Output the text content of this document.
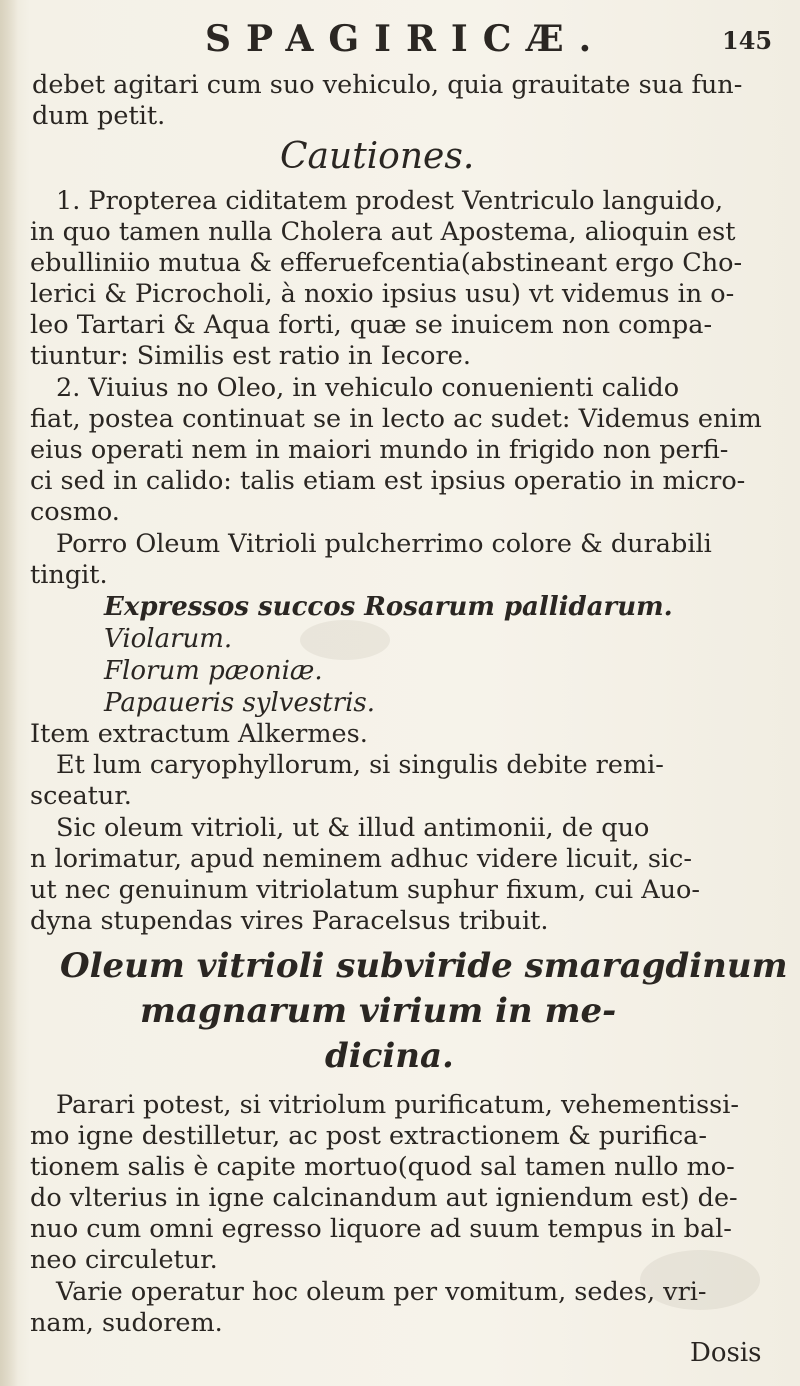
SPAGIRICÆ.	145
debet agitari cum suo vehiculo, quia grauitate sua fun-
dum petit.
Cautiones.
1. Propterea ciditatem prodest Ventriculo languido,
in quo tamen nulla Cholera aut Apostema, alioquin est
ebulliniio mutua & efferuefcentia(abstineant ergo Cho-
lerici & Picrocholi, à noxio ipsius usu) vt videmus in o-
leo Tartari & Aqua forti, quæ se inuicem non compa-
tiuntur: Similis est ratio in Iecore.
2. Viuius no Oleo, in vehiculo conuenienti calido
fiat, postea continuat se in lecto ac sudet: Videmus enim
eius operati nem in maiori mundo in frigido non perfi-
ci sed in calido: talis etiam est ipsius operatio in micro-
cosmo.
Porro Oleum Vitrioli pulcherrimo colore & durabili
tingit.
Expressos succos Rosarum pallidarum.
Violarum.
Florum pæoniæ.
Papaueris sylvestris.
Item extractum Alkermes.
Et lum caryophyllorum, si singulis debite remi-
sceatur.
Sic oleum vitrioli, ut & illud antimonii, de quo
n lorimatur, apud neminem adhuc videre licuit, sic-
ut nec genuinum vitriolatum suphur fixum, cui Auo-
dyna stupendas vires Paracelsus tribuit.
Oleum vitrioli subviride smaragdinum
magnarum virium in me-
dicina.
Parari potest, si vitriolum purificatum, vehementissi-
mo igne destilletur, ac post extractionem & purifica-
tionem salis è capite mortuo(quod sal tamen nullo mo-
do vlterius in igne calcinandum aut igniendum est) de-
nuo cum omni egresso liquore ad suum tempus in bal-
neo circuletur.
Varie operatur hoc oleum per vomitum, sedes, vri-
nam, sudorem.
Dosis
